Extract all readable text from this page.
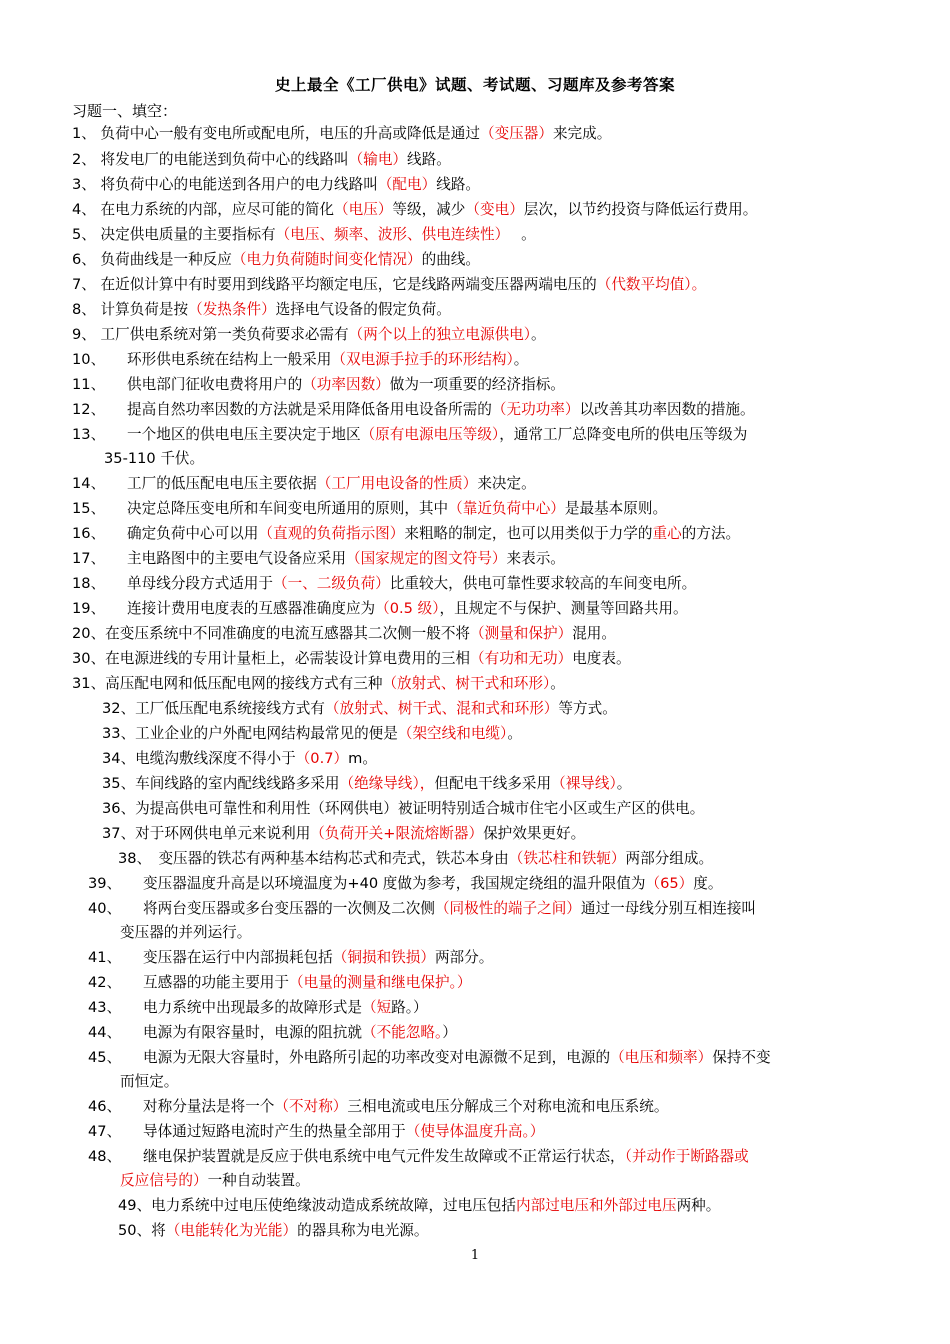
史上最全《工厂供电》试题、考试题、习题库及参考答案
习题一、填空：
1、 负荷中心一般有变电所或配电所，电压的升高或降低是通过（变压器）来完成。
2、 将发电厂的电能送到负荷中心的线路叫（输电）线路。
3、 将负荷中心的电能送到各用户的电力线路叫（配电）线路。
4、 在电力系统的内部，应尽可能的简化（电压）等级，减少（变电）层次，以节约投资与降低运行费用。
5、 决定供电质量的主要指标有（电压、频率、波形、供电连续性）　 。
6、 负荷曲线是一种反应（电力负荷随时间变化情况）的曲线。
7、 在近似计算中有时要用到线路平均额定电压，它是线路两端变压器两端电压的（代数平均值）。
8、 计算负荷是按（发热条件）选择电气设备的假定负荷。
9、 工厂供电系统对第一类负荷要求必需有（两个以上的独立电源供电）。
10、　　环形供电系统在结构上一般采用（双电源手拉手的环形结构）。
11、　　供电部门征收电费将用户的（功率因数）做为一项重要的经济指标。
12、　　提高自然功率因数的方法就是采用降低备用电设备所需的（无功功率）以改善其功率因数的措施。
13、　　一个地区的供电电压主要决定于地区（原有电源电压等级），通常工厂总降变电所的供电压等级为
35-110 千伏。
14、　　工厂的低压配电电压主要依据（工厂用电设备的性质）来决定。
15、　　决定总降压变电所和车间变电所通用的原则，其中（靠近负荷中心）是最基本原则。
16、　　确定负荷中心可以用（直观的负荷指示图）来粗略的制定，也可以用类似于力学的重心的方法。
17、　　主电路图中的主要电气设备应采用（国家规定的图文符号）来表示。
18、　　单母线分段方式适用于（一、二级负荷）比重较大，供电可靠性要求较高的车间变电所。
19、　　连接计费用电度表的互感器准确度应为（0.5 级），且规定不与保护、测量等回路共用。
20、在变压系统中不同准确度的电流互感器其二次侧一般不将（测量和保护）混用。
30、在电源进线的专用计量柜上，必需装设计算电费用的三相（有功和无功）电度表。
31、高压配电网和低压配电网的接线方式有三种（放射式、树干式和环形）。
32、工厂低压配电系统接线方式有（放射式、树干式、混和式和环形）等方式。
33、工业企业的户外配电网结构最常见的便是（架空线和电缆）。
34、电缆沟敷线深度不得小于（0.7）m。
35、车间线路的室内配线线路多采用（绝缘导线），但配电干线多采用（裸导线）。
36、为提高供电可靠性和利用性（环网供电）被证明特别适合城市住宅小区或生产区的供电。
37、对于环网供电单元来说利用（负荷开关+限流熔断器）保护效果更好。
38、　变压器的铁芯有两种基本结构芯式和壳式，铁芯本身由（铁芯柱和铁轭）两部分组成。
39、　　变压器温度升高是以环境温度为+40 度做为参考，我国规定绕组的温升限值为（65）度。
40、　　将两台变压器或多台变压器的一次侧及二次侧（同极性的端子之间）通过一母线分别互相连接叫
变压器的并列运行。
41、　　变压器在运行中内部损耗包括（铜损和铁损）两部分。
42、　　互感器的功能主要用于（电量的测量和继电保护。）
43、　　电力系统中出现最多的故障形式是（短路。）
44、　　电源为有限容量时，电源的阻抗就（不能忽略。）
45、　　电源为无限大容量时，外电路所引起的功率改变对电源微不足到，电源的（电压和频率）保持不变
而恒定。
46、　　对称分量法是将一个（不对称）三相电流或电压分解成三个对称电流和电压系统。
47、　　导体通过短路电流时产生的热量全部用于（使导体温度升高。）
48、　　继电保护装置就是反应于供电系统中电气元件发生故障或不正常运行状态，（并动作于断路器或
反应信号的）一种自动装置。
49、电力系统中过电压使绝缘波动造成系统故障，过电压包括内部过电压和外部过电压两种。
50、将（电能转化为光能）的器具称为电光源。
1
